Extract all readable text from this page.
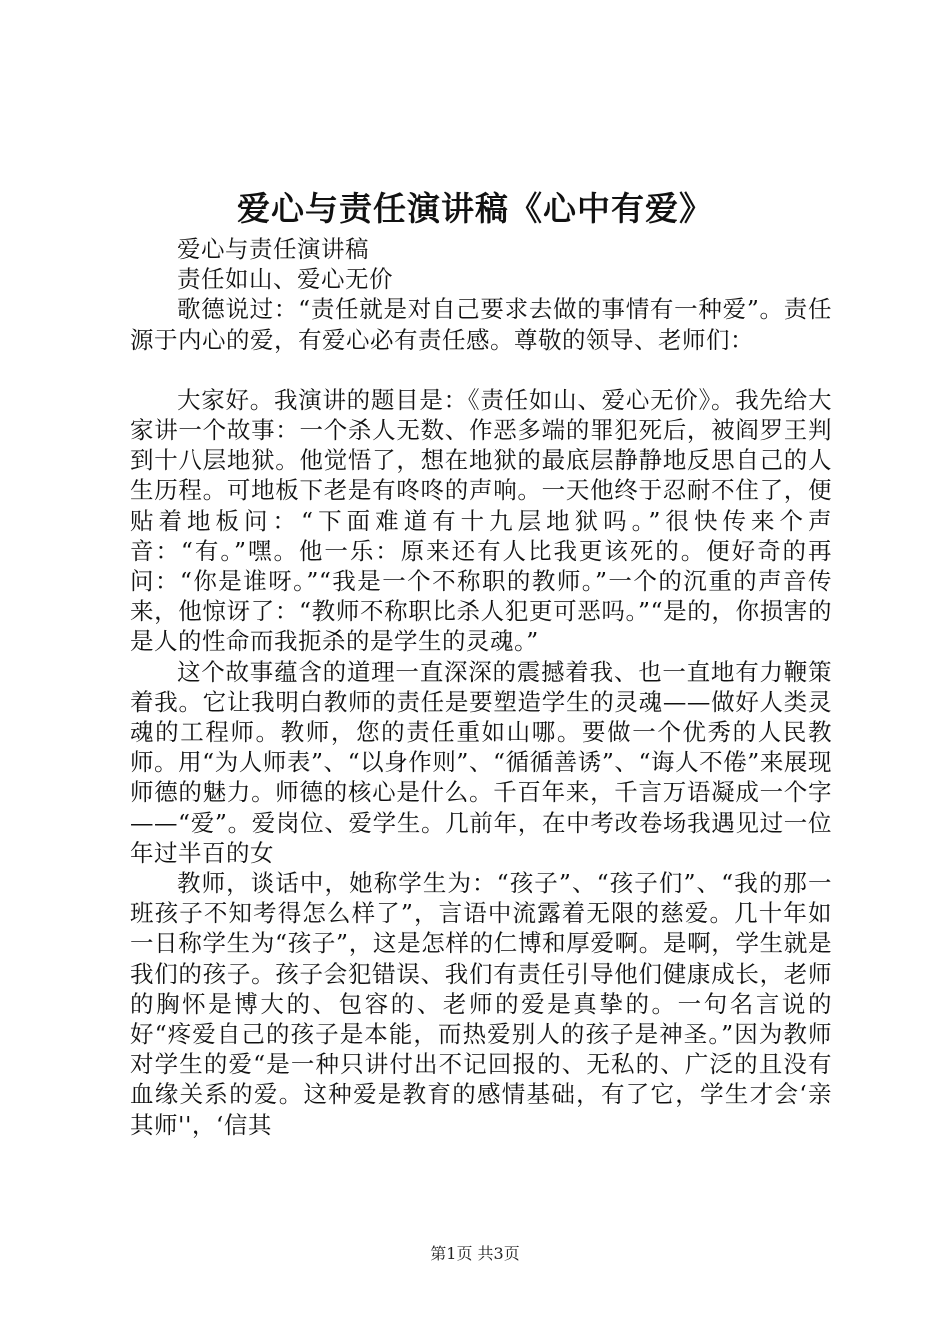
爱心与责任演讲稿《心中有爱》

爱心与责任演讲稿

责任如山、爱心无价

歌德说过：“责任就是对自己要求去做的事情有一种爱”。责任源于内心的爱，有爱心必有责任感。尊敬的领导、老师们：

大家好。我演讲的题目是：《责任如山、爱心无价》。我先给大家讲一个故事：一个杀人无数、作恶多端的罪犯死后，被阎罗王判到十八层地狱。他觉悟了，想在地狱的最底层静静地反思自己的人生历程。可地板下老是有咚咚的声响。一天他终于忍耐不住了，便贴着地板问：“下面难道有十九层地狱吗。”很快传来个声音：“有。”嘿。他一乐：原来还有人比我更该死的。便好奇的再问：“你是谁呀。”“我是一个不称职的教师。”一个的沉重的声音传来，他惊讶了：“教师不称职比杀人犯更可恶吗。”“是的，你损害的是人的性命而我扼杀的是学生的灵魂。”

这个故事蕴含的道理一直深深的震撼着我、也一直地有力鞭策着我。它让我明白教师的责任是要塑造学生的灵魂——做好人类灵魂的工程师。教师，您的责任重如山哪。要做一个优秀的人民教师。用“为人师表”、“以身作则”、“循循善诱”、“诲人不倦”来展现师德的魅力。师德的核心是什么。千百年来，千言万语凝成一个字——“爱”。爱岗位、爱学生。几前年，在中考改卷场我遇见过一位年过半百的女

教师，谈话中，她称学生为：“孩子”、“孩子们”、“我的那一班孩子不知考得怎么样了”，言语中流露着无限的慈爱。几十年如一日称学生为“孩子”，这是怎样的仁博和厚爱啊。是啊，学生就是我们的孩子。孩子会犯错误、我们有责任引导他们健康成长，老师的胸怀是博大的、包容的、老师的爱是真挚的。一句名言说的好“疼爱自己的孩子是本能，而热爱别人的孩子是神圣。”因为教师对学生的爱“是一种只讲付出不记回报的、无私的、广泛的且没有血缘关系的爱。这种爱是教育的感情基础，有了它，学生才会‘亲其师''，‘信其

第1页 共3页
